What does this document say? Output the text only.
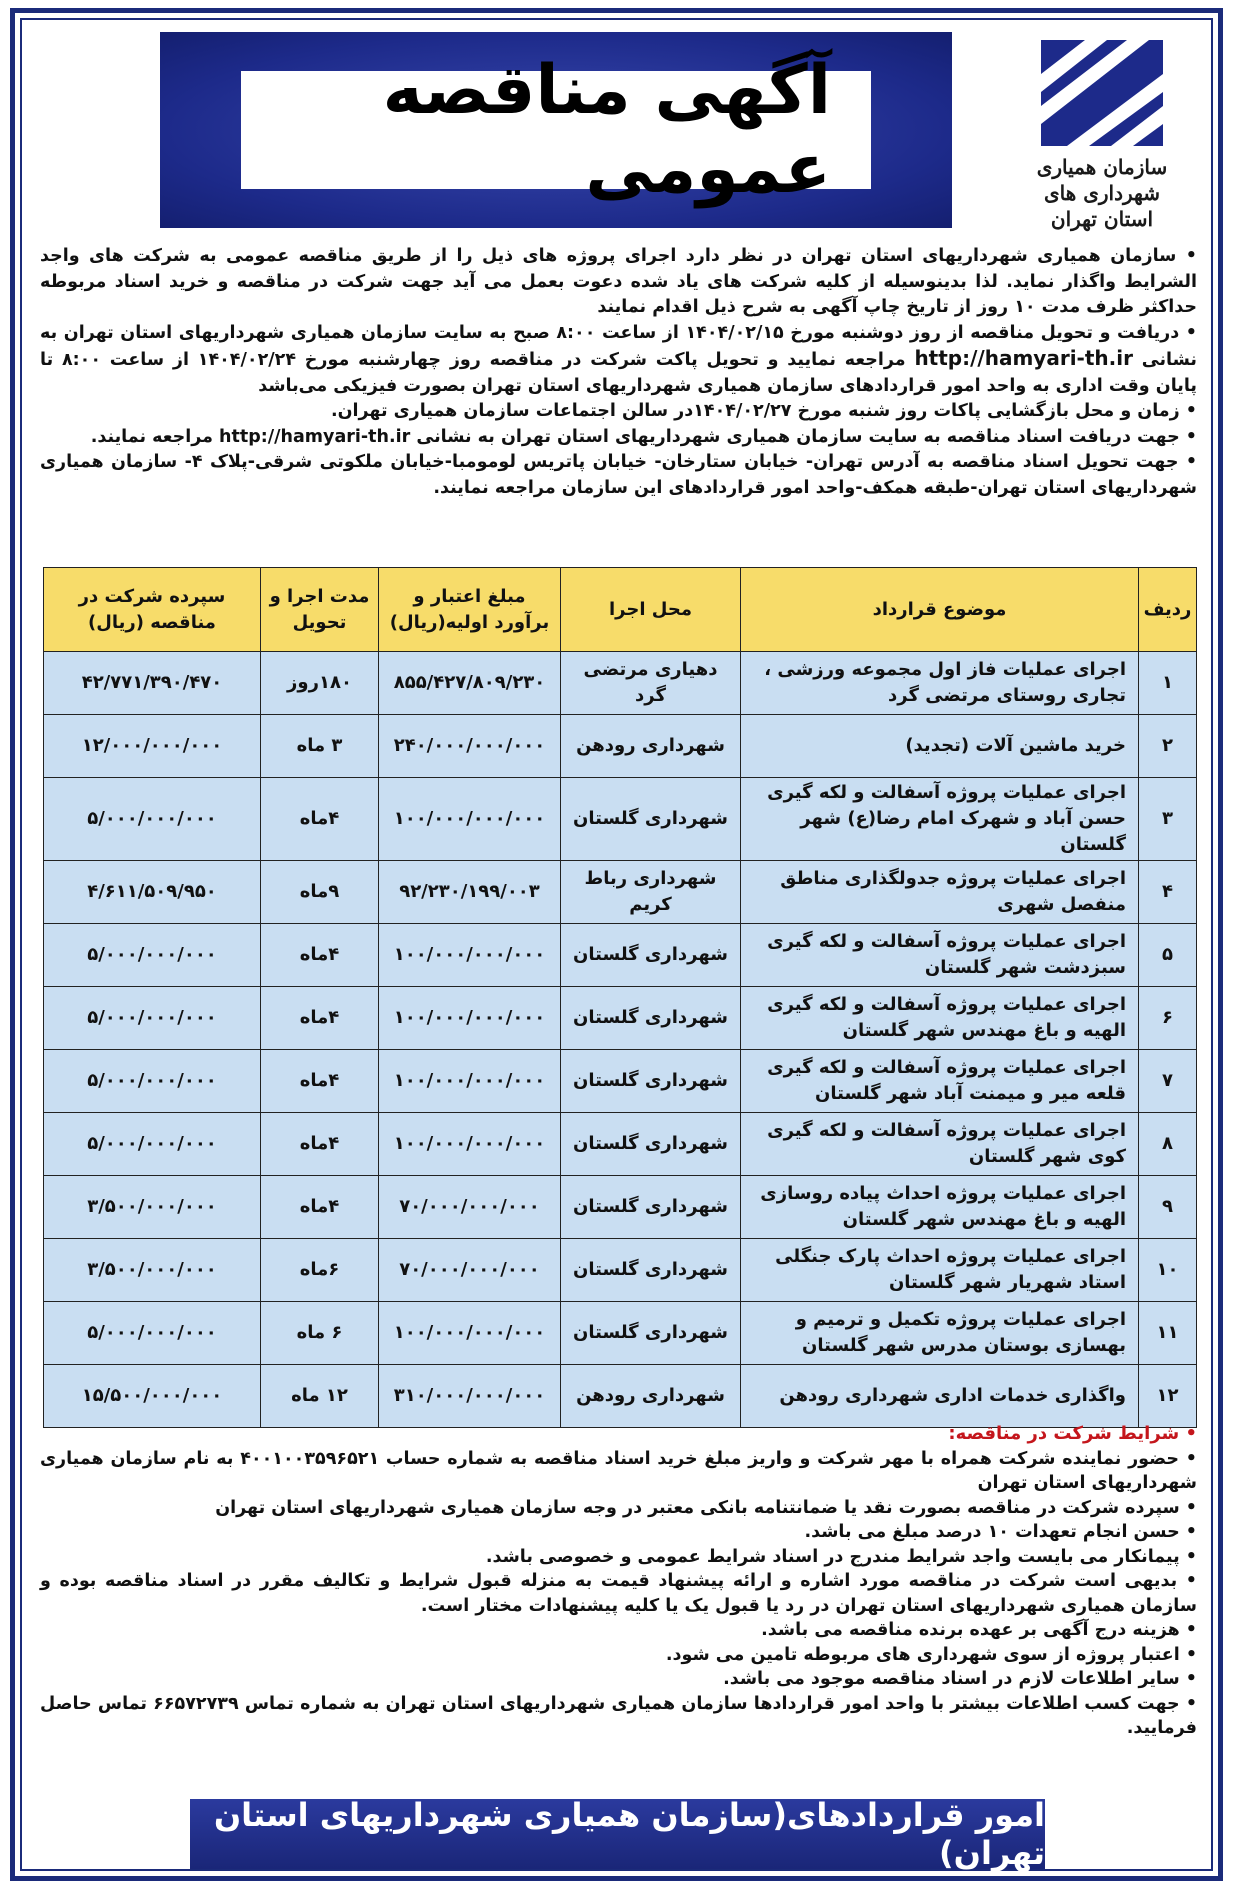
آگهی مناقصه عمومی	سازمان همیاری شهرداری های
استان تهران

• سازمان همیاری شهرداریهای استان تهران در نظر دارد اجرای پروژه های ذیل را از طریق مناقصه عمومی به شرکت های واجد الشرایط واگذار نماید. لذا بدینوسیله از کلیه شرکت های یاد شده دعوت بعمل می آید جهت شرکت در مناقصه و خرید اسناد مربوطه حداکثر ظرف مدت ۱۰ روز از تاریخ چاپ آگهی به شرح ذیل اقدام نمایند

• دریافت و تحویل مناقصه از روز دوشنبه مورخ ۱۴۰۴/۰۲/۱۵ از ساعت ۸:۰۰ صبح به سایت سازمان همیاری شهرداریهای استان تهران به نشانی http://hamyari-th.ir مراجعه نمایید و تحویل پاکت شرکت در مناقصه روز چهارشنبه مورخ ۱۴۰۴/۰۲/۲۴ از ساعت ۸:۰۰ تا پایان وقت اداری به واحد امور قراردادهای سازمان همیاری شهرداریهای استان تهران بصورت فیزیکی می‌باشد

• زمان و محل بازگشایی پاکات روز شنبه مورخ ۱۴۰۴/۰۲/۲۷در سالن اجتماعات سازمان همیاری تهران.

• جهت دریافت اسناد مناقصه به سایت سازمان همیاری شهرداریهای استان تهران به نشانی http://hamyari-th.ir مراجعه نمایند.

• جهت تحویل اسناد مناقصه به آدرس تهران- خیابان ستارخان- خیابان پاتریس لومومبا-خیابان ملکوتی شرقی-پلاک ۴- سازمان همیاری شهرداریهای استان تهران-طبقه همکف-واحد امور قراردادهای این سازمان مراجعه نمایند.

ردیف	موضوع قرارداد	محل اجرا	مبلغ اعتبار و برآورد اولیه(ریال)	مدت اجرا و تحویل	سپرده شرکت در مناقصه (ریال)
۱	اجرای عملیات فاز اول مجموعه ورزشی ، تجاری روستای مرتضی گرد	دهیاری مرتضی گرد	۸۵۵/۴۲۷/۸۰۹/۲۳۰	۱۸۰روز	۴۲/۷۷۱/۳۹۰/۴۷۰
۲	خرید ماشین آلات (تجدید)	شهرداری رودهن	۲۴۰/۰۰۰/۰۰۰/۰۰۰	۳ ماه	۱۲/۰۰۰/۰۰۰/۰۰۰
۳	اجرای عملیات پروژه آسفالت و لکه گیری حسن آباد و شهرک امام رضا(ع) شهر گلستان	شهرداری گلستان	۱۰۰/۰۰۰/۰۰۰/۰۰۰	۴ماه	۵/۰۰۰/۰۰۰/۰۰۰
۴	اجرای عملیات پروژه جدولگذاری مناطق منفصل شهری	شهرداری رباط کریم	۹۲/۲۳۰/۱۹۹/۰۰۳	۹ماه	۴/۶۱۱/۵۰۹/۹۵۰
۵	اجرای عملیات پروژه آسفالت و لکه گیری سبزدشت شهر گلستان	شهرداری گلستان	۱۰۰/۰۰۰/۰۰۰/۰۰۰	۴ماه	۵/۰۰۰/۰۰۰/۰۰۰
۶	اجرای عملیات پروژه آسفالت و لکه گیری الهیه و باغ مهندس شهر گلستان	شهرداری گلستان	۱۰۰/۰۰۰/۰۰۰/۰۰۰	۴ماه	۵/۰۰۰/۰۰۰/۰۰۰
۷	اجرای عملیات پروژه آسفالت و لکه گیری قلعه میر و میمنت آباد شهر گلستان	شهرداری گلستان	۱۰۰/۰۰۰/۰۰۰/۰۰۰	۴ماه	۵/۰۰۰/۰۰۰/۰۰۰
۸	اجرای عملیات پروژه آسفالت و لکه گیری کوی شهر گلستان	شهرداری گلستان	۱۰۰/۰۰۰/۰۰۰/۰۰۰	۴ماه	۵/۰۰۰/۰۰۰/۰۰۰
۹	اجرای عملیات پروژه احداث پیاده روسازی الهیه و باغ مهندس شهر گلستان	شهرداری گلستان	۷۰/۰۰۰/۰۰۰/۰۰۰	۴ماه	۳/۵۰۰/۰۰۰/۰۰۰
۱۰	اجرای عملیات پروژه احداث پارک جنگلی استاد شهریار شهر گلستان	شهرداری گلستان	۷۰/۰۰۰/۰۰۰/۰۰۰	۶ماه	۳/۵۰۰/۰۰۰/۰۰۰
۱۱	اجرای عملیات پروژه تکمیل و ترمیم و بهسازی بوستان مدرس شهر گلستان	شهرداری گلستان	۱۰۰/۰۰۰/۰۰۰/۰۰۰	۶ ماه	۵/۰۰۰/۰۰۰/۰۰۰
۱۲	واگذاری خدمات اداری شهرداری رودهن	شهرداری رودهن	۳۱۰/۰۰۰/۰۰۰/۰۰۰	۱۲ ماه	۱۵/۵۰۰/۰۰۰/۰۰۰

• شرایط شرکت در مناقصه:

• حضور نماینده شرکت همراه با مهر شرکت و واریز مبلغ خرید اسناد مناقصه به شماره حساب ۴۰۰۱۰۰۳۵۹۶۵۲۱ به نام سازمان همیاری شهرداریهای استان تهران

• سپرده شرکت در مناقصه بصورت نقد یا ضمانتنامه بانکی معتبر در وجه سازمان همیاری شهرداریهای استان تهران

• حسن انجام تعهدات ۱۰ درصد مبلغ می باشد.

• پیمانکار می بایست واجد شرایط مندرج در اسناد شرایط عمومی و خصوصی باشد.

• بدیهی است شرکت در مناقصه مورد اشاره و ارائه پیشنهاد قیمت به منزله قبول شرایط و تکالیف مقرر در اسناد مناقصه بوده و سازمان همیاری شهرداریهای استان تهران در رد یا قبول یک یا کلیه پیشنهادات مختار است.

• هزینه درج آگهی بر عهده برنده مناقصه می باشد.

• اعتبار پروژه از سوی شهرداری های مربوطه تامین می شود.

• سایر اطلاعات لازم در اسناد مناقصه موجود می باشد.

• جهت کسب اطلاعات بیشتر با واحد امور قراردادها سازمان همیاری شهرداریهای استان تهران به شماره تماس ۶۶۵۷۲۷۳۹ تماس حاصل فرمایید.

امور قراردادهای(سازمان همیاری شهرداریهای استان تهران)
